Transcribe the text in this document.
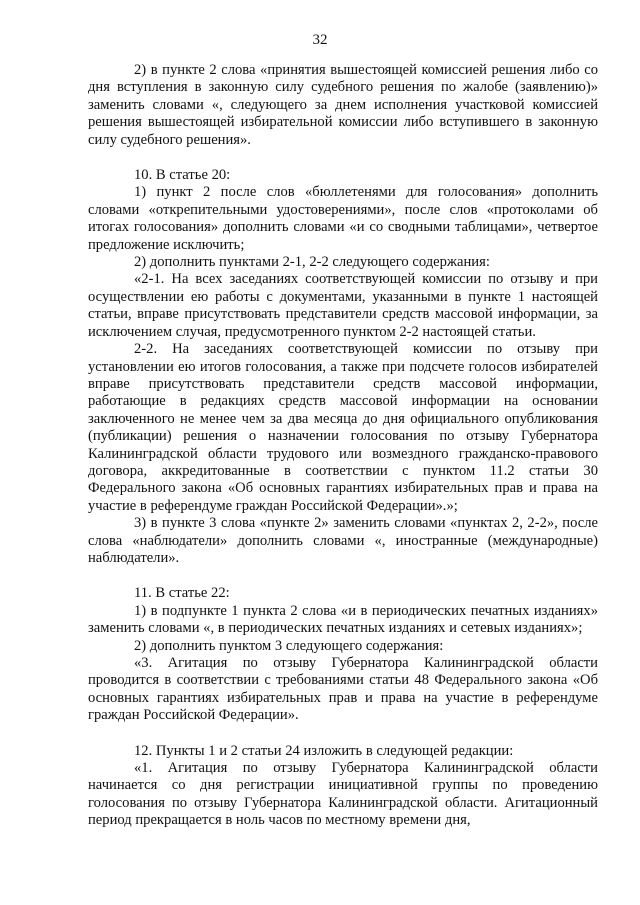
32

2) в пункте 2 слова «принятия вышестоящей комиссией решения либо со дня вступления в законную силу судебного решения по жалобе (заявлению)» заменить словами «, следующего за днем исполнения участковой комиссией решения вышестоящей избирательной комиссии либо вступившего в законную силу судебного решения».

10. В статье 20:

1) пункт 2 после слов «бюллетенями для голосования» дополнить словами «открепительными удостоверениями», после слов «протоколами об итогах голосования» дополнить словами «и со сводными таблицами», четвертое предложение исключить;

2) дополнить пунктами 2-1, 2-2 следующего содержания:

«2-1. На всех заседаниях соответствующей комиссии по отзыву и при осуществлении ею работы с документами, указанными в пункте 1 настоящей статьи, вправе присутствовать представители средств массовой информации, за исключением случая, предусмотренного пунктом 2-2 настоящей статьи.

2-2. На заседаниях соответствующей комиссии по отзыву при установлении ею итогов голосования, а также при подсчете голосов избирателей вправе присутствовать представители средств массовой информации, работающие в редакциях средств массовой информации на основании заключенного не менее чем за два месяца до дня официального опубликования (публикации) решения о назначении голосования по отзыву Губернатора Калининградской области трудового или возмездного гражданско-правового договора, аккредитованные в соответствии с пунктом 11.2 статьи 30 Федерального закона «Об основных гарантиях избирательных прав и права на участие в референдуме граждан Российской Федерации».»;

3) в пункте 3 слова «пункте 2» заменить словами «пунктах 2, 2-2», после слова «наблюдатели» дополнить словами «, иностранные (международные) наблюдатели».

11. В статье 22:

1) в подпункте 1 пункта 2 слова «и в периодических печатных изданиях» заменить словами «, в периодических печатных изданиях и сетевых изданиях»;

2) дополнить пунктом 3 следующего содержания:

«3. Агитация по отзыву Губернатора Калининградской области проводится в соответствии с требованиями статьи 48 Федерального закона «Об основных гарантиях избирательных прав и права на участие в референдуме граждан Российской Федерации».

12. Пункты 1 и 2 статьи 24 изложить в следующей редакции:

«1. Агитация по отзыву Губернатора Калининградской области начинается со дня регистрации инициативной группы по проведению голосования по отзыву Губернатора Калининградской области. Агитационный период прекращается в ноль часов по местному времени дня,
